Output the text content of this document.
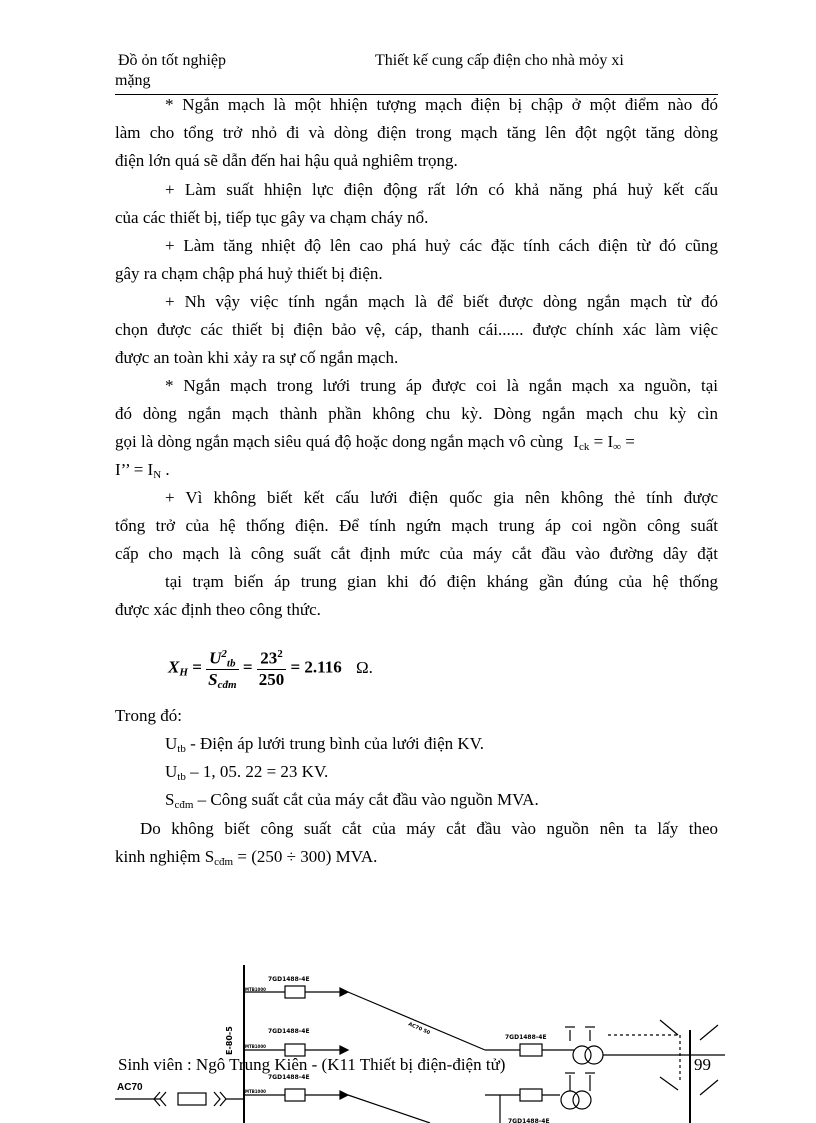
Đồ ỏn tốt nghiệp
mặng
Thiết kế cung cấp điện cho nhà mỏy xi
* Ngắn mạch là một hhiện tượng mạch điện bị chập ở một điểm nào đó
làm cho tổng trở nhỏ đi và dòng điện trong mạch tăng lên đột ngột tăng dòng
điện lớn quá sẽ dẫn đến hai hậu quả nghiêm trọng.
+ Làm suất hhiện lực điện động rất lớn có khả năng phá huỷ kết cấu
của các thiết bị, tiếp tục gây va chạm cháy nổ.
+ Làm tăng nhiệt độ lên cao phá huỷ các đặc tính cách điện từ đó cũng
gây ra chạm chập phá huỷ thiết bị điện.
+ Nh vậy việc tính ngắn mạch là để biết được dòng ngắn mạch từ đó
chọn được các thiết bị điện bảo vệ, cáp, thanh cái...... được chính xác làm việc
được an toàn khi xảy ra sự cố ngắn mạch.
* Ngắn mạch trong lưới trung áp được coi là ngắn mạch xa nguồn, tại
đó dòng ngắn mạch thành phần không chu kỳ. Dòng ngắn mạch chu kỳ cìn
gọi là dòng ngắn mạch siêu quá độ hoặc dong ngắn mạch vô cùng $I_{ck} = I_\infty$ =
I’’ = $I_N$ .
+ Vì không biết kết cấu lưới điện quốc gia nên không thẻ tính được
tổng trở của hệ thống điện. Để tính ngứn mạch trung áp coi ngồn công suất
cấp cho mạch là công suất cắt định mức của máy cắt đầu vào đường dây đặt
tại trạm biến áp trung gian khi đó điện kháng gần đúng của hệ thống
được xác định theo công thức.
$X_H = \frac{U^2_{tb}}{S_{cđm}} = \frac{23^2}{250} = 2.116$ Ω.
Trong đó:
$U_{tb}$ - Điện áp lưới trung bình của lưới điện KV.
$U_{tb} - 1$, 05. 22 = 23 KV.
$S_{cđm}$ – Công suất cắt của máy cắt đầu vào nguồn MVA.
Do không biết công suất cắt của máy cắt đầu vào nguồn nên ta lấy theo
kinh nghiệm $S_{cđm} = (250 \div 300)$ MVA.
7GD1488-4E
MTB1000
7GD1488-4E
MTB1000
7GD1488-4E
MTB1000
7GD1488-4E
7GD1488-4E
E-80-5	AC70 50
AC70
Sinh viên : Ngô Trung Kiên - (K11 Thiết bị điện-điện tử)	99
